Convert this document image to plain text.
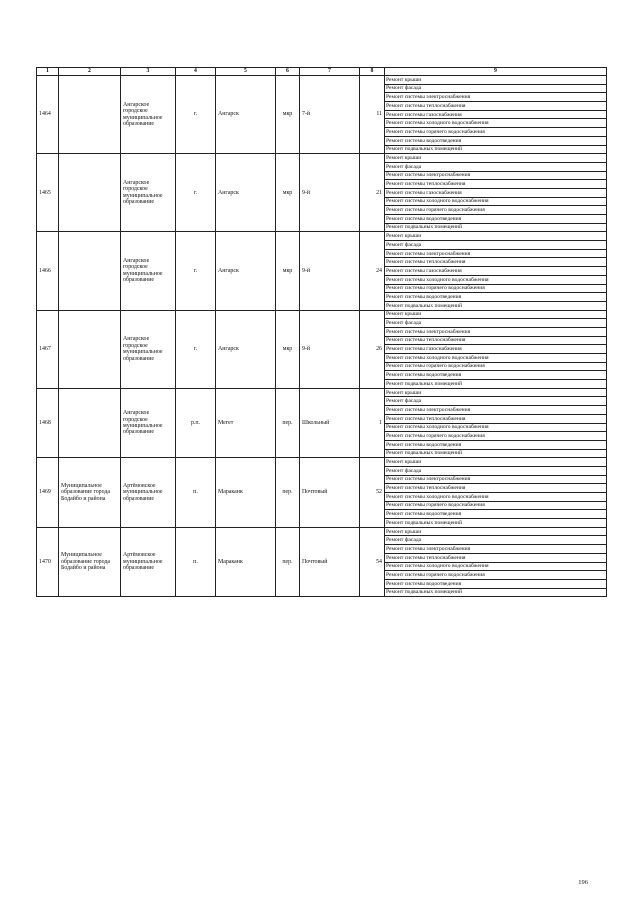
1	2	3	4	5	6	7	8	9
1464		Ангарское городское муниципальное образование	г.	Ангарск	мкр	7-й	11	Ремонт крыши
								Ремонт фасада
								Ремонт системы электроснабжения
								Ремонт системы теплоснабжения
								Ремонт системы газоснабжения
								Ремонт системы холодного водоснабжения
								Ремонт системы горячего водоснабжения
								Ремонт системы водоотведения
								Ремонт подвальных помещений
1465		Ангарское городское муниципальное образование	г.	Ангарск	мкр	9-й	21	Ремонт крыши
								Ремонт фасада
								Ремонт системы электроснабжения
								Ремонт системы теплоснабжения
								Ремонт системы газоснабжения
								Ремонт системы холодного водоснабжения
								Ремонт системы горячего водоснабжения
								Ремонт системы водоотведения
								Ремонт подвальных помещений
1466		Ангарское городское муниципальное образование	г.	Ангарск	мкр	9-й	24	Ремонт крыши
								Ремонт фасада
								Ремонт системы электроснабжения
								Ремонт системы теплоснабжения
								Ремонт системы газоснабжения
								Ремонт системы холодного водоснабжения
								Ремонт системы горячего водоснабжения
								Ремонт системы водоотведения
								Ремонт подвальных помещений
1467		Ангарское городское муниципальное образование	г.	Ангарск	мкр	9-й	26	Ремонт крыши
								Ремонт фасада
								Ремонт системы электроснабжения
								Ремонт системы теплоснабжения
								Ремонт системы газоснабжения
								Ремонт системы холодного водоснабжения
								Ремонт системы горячего водоснабжения
								Ремонт системы водоотведения
								Ремонт подвальных помещений
1468		Ангарское городское муниципальное образование	р.п.	Мегет	пер.	Школьный	1	Ремонт крыши
								Ремонт фасада
								Ремонт системы электроснабжения
								Ремонт системы теплоснабжения
								Ремонт системы холодного водоснабжения
								Ремонт системы горячего водоснабжения
								Ремонт системы водоотведения
								Ремонт подвальных помещений
1469	Муниципальное образование города Бодайбо и района	Артёмовское муниципальное образование	п.	Мараканк	пер.	Почтовый	52	Ремонт крыши
								Ремонт фасада
								Ремонт системы электроснабжения
								Ремонт системы теплоснабжения
								Ремонт системы холодного водоснабжения
								Ремонт системы горячего водоснабжения
								Ремонт системы водоотведения
								Ремонт подвальных помещений
1470	Муниципальное образование города Бодайбо и района	Артёмовское муниципальное образование	п.	Мараканк	пер.	Почтовый	54	Ремонт крыши
								Ремонт фасада
								Ремонт системы электроснабжения
								Ремонт системы теплоснабжения
								Ремонт системы холодного водоснабжения
								Ремонт системы горячего водоснабжения
								Ремонт системы водоотведения
								Ремонт подвальных помещений
196
